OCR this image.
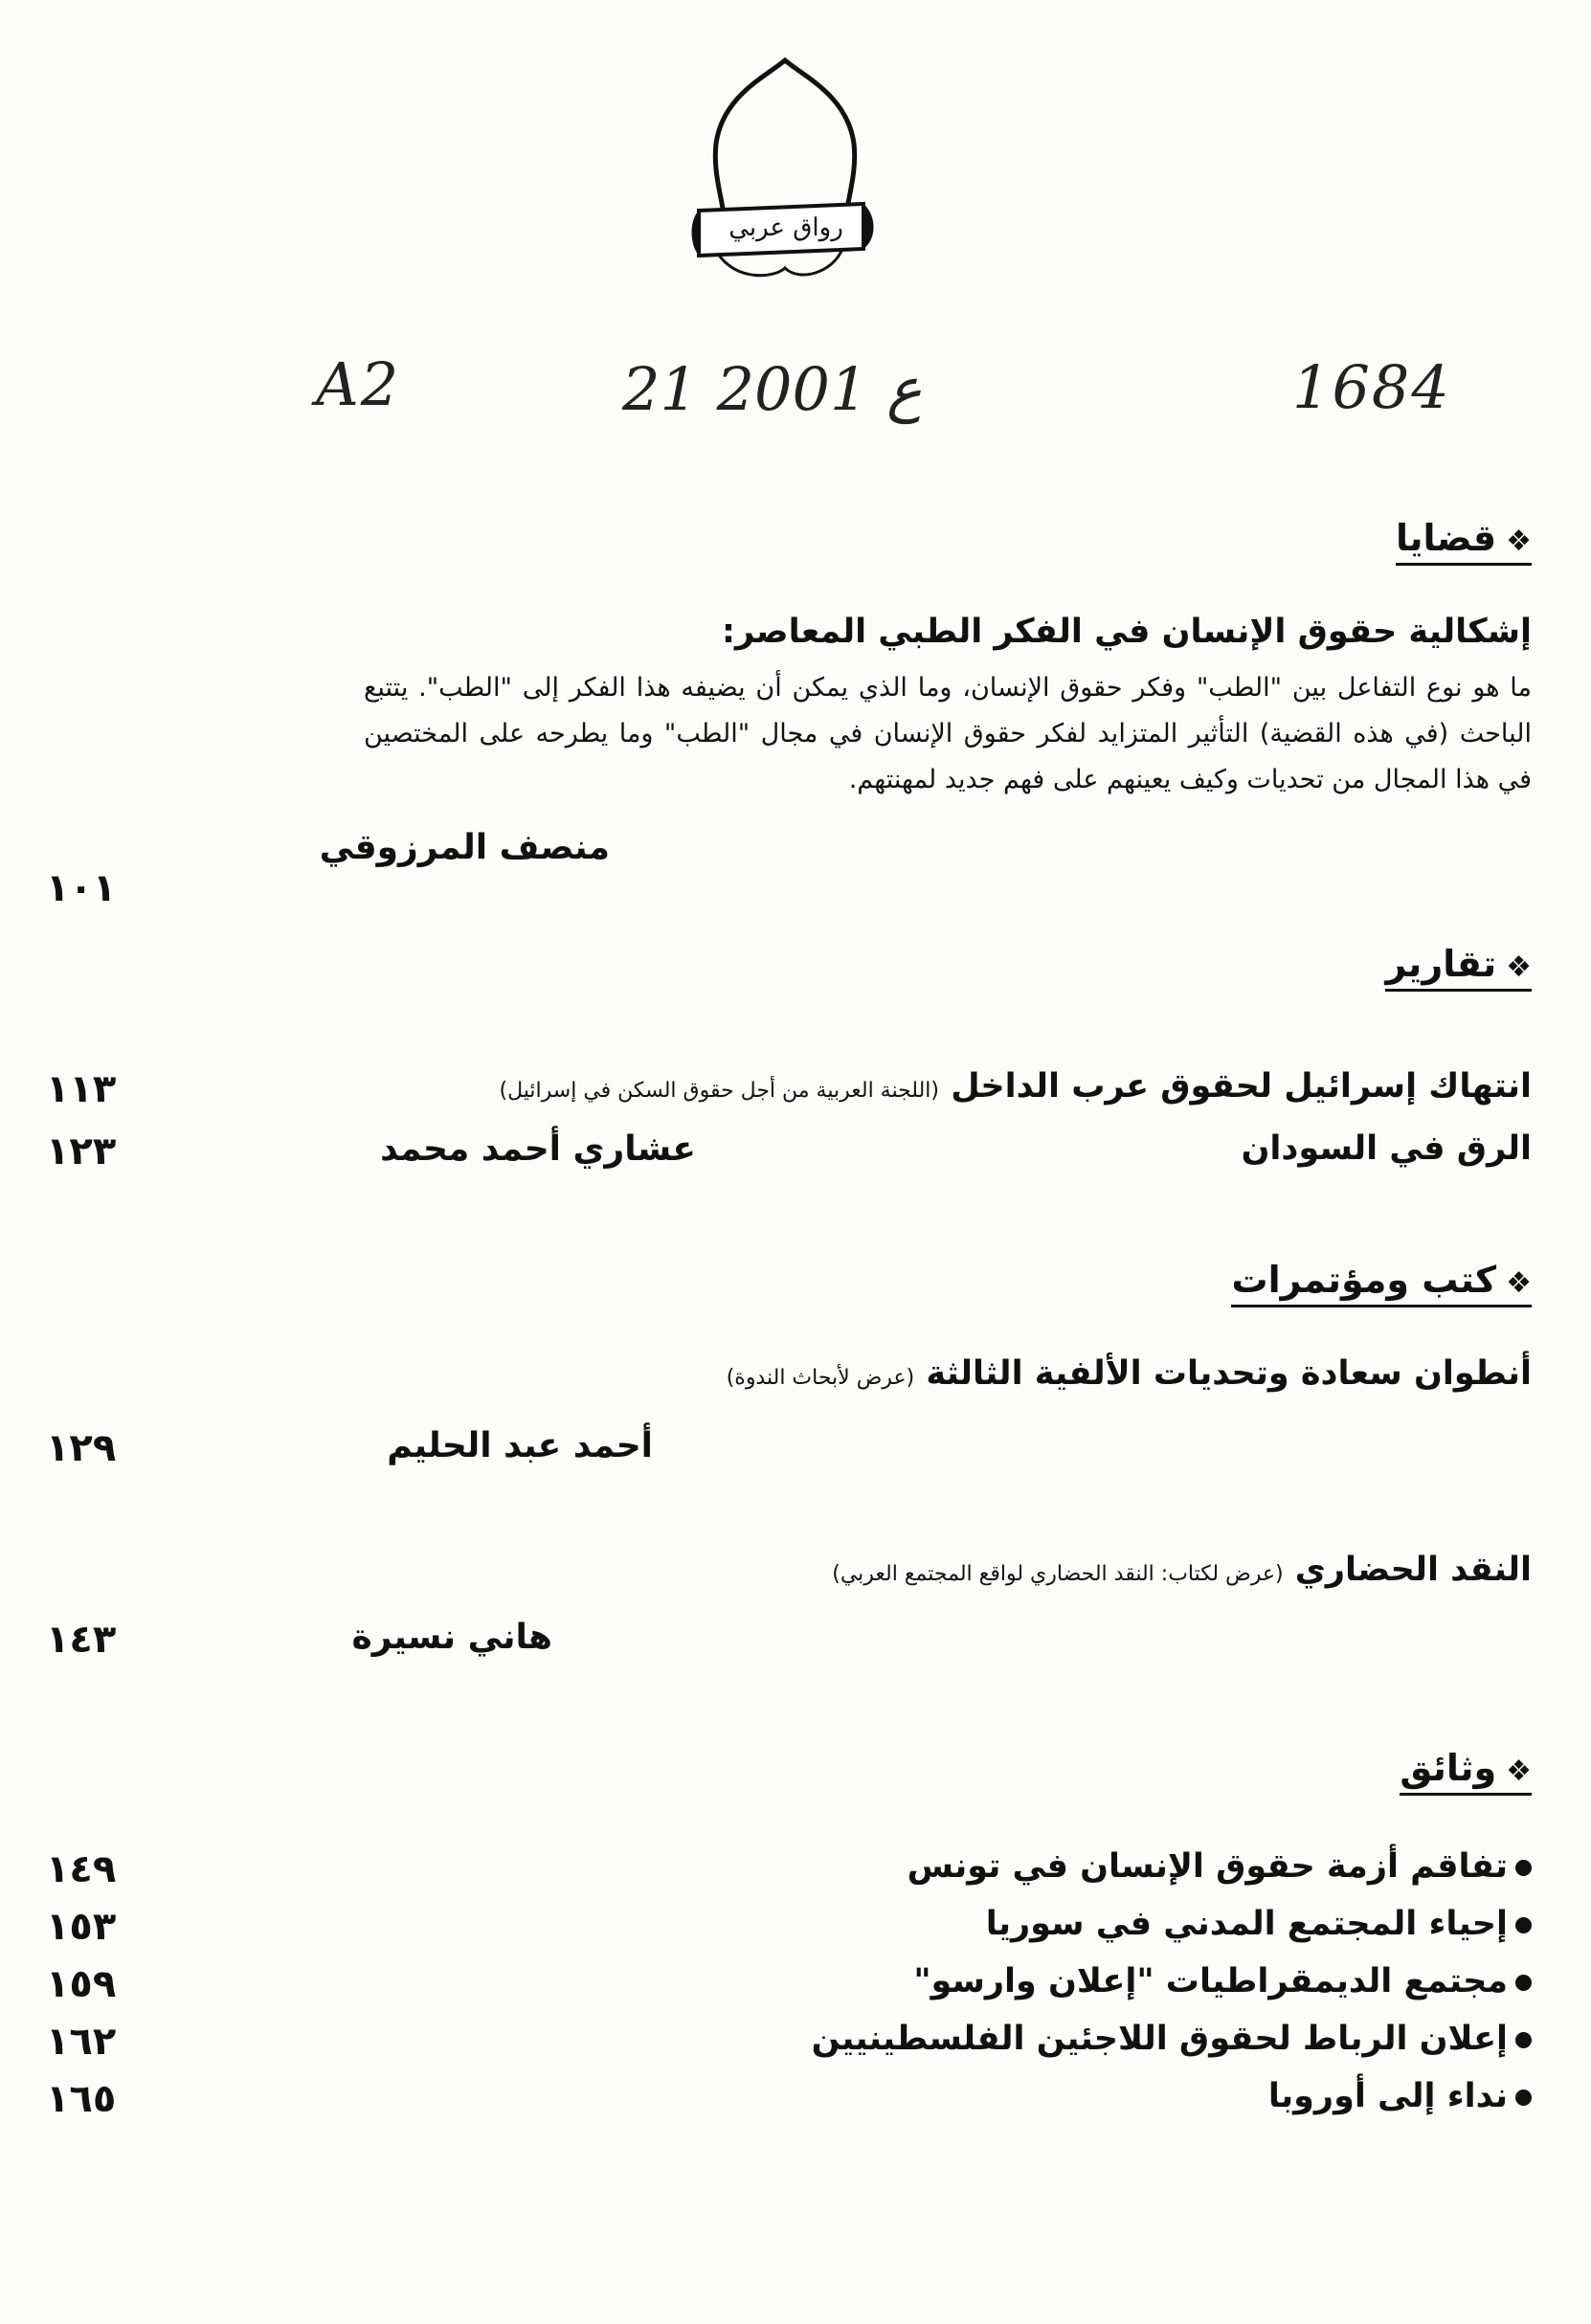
رواق عربي
A2	21 ع 2001	1684
❖قضايا
إشكالية حقوق الإنسان في الفكر الطبي المعاصر:
ما هو نوع التفاعل بين "الطب" وفكر حقوق الإنسان، وما الذي يمكن أن يضيفه هذا الفكر إلى "الطب". يتتبع الباحث (في هذه القضية) التأثير المتزايد لفكر حقوق الإنسان في مجال "الطب" وما يطرحه على المختصين في هذا المجال من تحديات وكيف يعينهم على فهم جديد لمهنتهم.
منصف المرزوقي
١٠١
❖تقارير
انتهاك إسرائيل لحقوق عرب الداخل (اللجنة العربية من أجل حقوق السكن في إسرائيل)
١١٣
الرق في السودان
عشاري أحمد محمد
١٢٣
❖كتب ومؤتمرات
أنطوان سعادة وتحديات الألفية الثالثة (عرض لأبحاث الندوة)
أحمد عبد الحليم
١٢٩
النقد الحضاري (عرض لكتاب: النقد الحضاري لواقع المجتمع العربي)
هاني نسيرة
١٤٣
❖وثائق
تفاقم أزمة حقوق الإنسان في تونس
١٤٩
إحياء المجتمع المدني في سوريا
١٥٣
مجتمع الديمقراطيات "إعلان وارسو"
١٥٩
إعلان الرباط لحقوق اللاجئين الفلسطينيين
١٦٢
نداء إلى أوروبا
١٦٥
